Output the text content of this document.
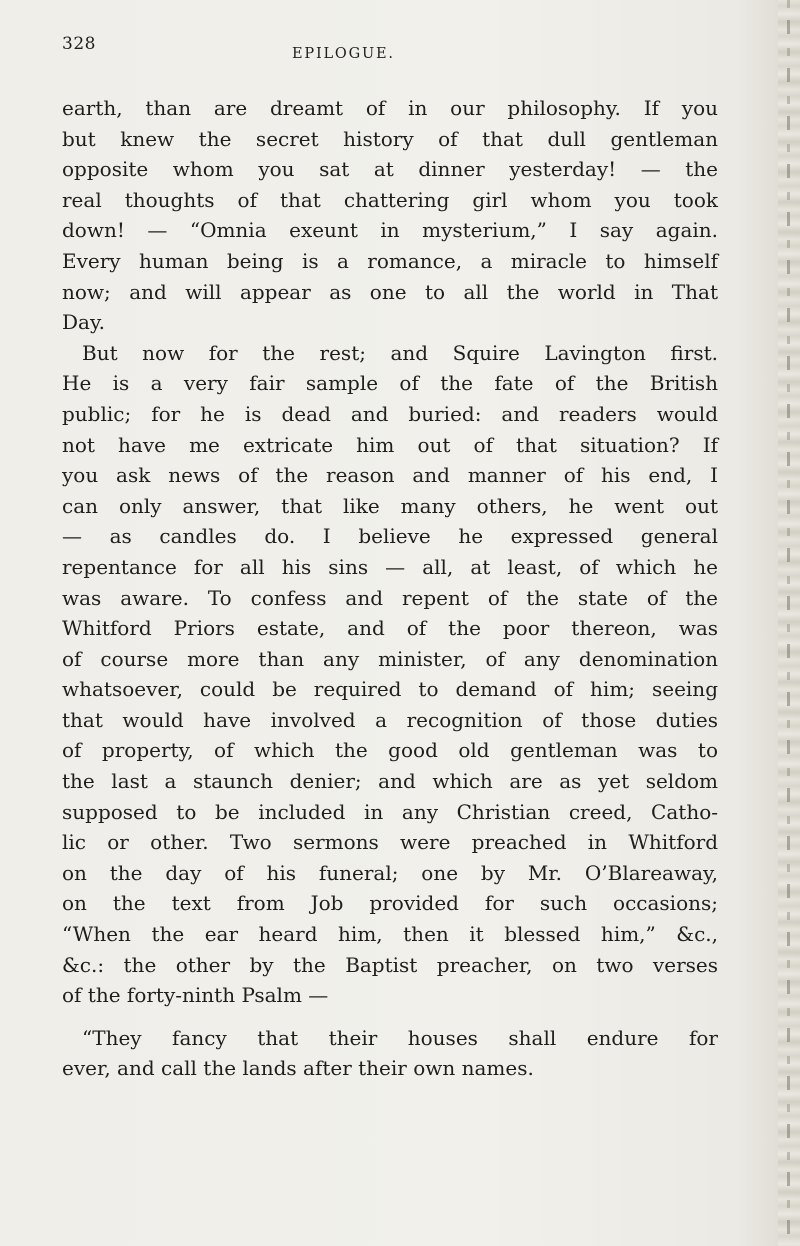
328	EPILOGUE.

earth, than are dreamt of in our philosophy. If you
but knew the secret history of that dull gentleman
opposite whom you sat at dinner yesterday! — the
real thoughts of that chattering girl whom you took
down! — “Omnia exeunt in mysterium,” I say again.
Every human being is a romance, a miracle to himself
now; and will appear as one to all the world in That
Day.

But now for the rest; and Squire Lavington first.
He is a very fair sample of the fate of the British
public; for he is dead and buried: and readers would
not have me extricate him out of that situation? If
you ask news of the reason and manner of his end, I
can only answer, that like many others, he went out
— as candles do. I believe he expressed general
repentance for all his sins — all, at least, of which he
was aware. To confess and repent of the state of the
Whitford Priors estate, and of the poor thereon, was
of course more than any minister, of any denomination
whatsoever, could be required to demand of him; seeing
that would have involved a recognition of those duties
of property, of which the good old gentleman was to
the last a staunch denier; and which are as yet seldom
supposed to be included in any Christian creed, Catho-
lic or other. Two sermons were preached in Whitford
on the day of his funeral; one by Mr. O’Blareaway,
on the text from Job provided for such occasions;
“When the ear heard him, then it blessed him,” &c.,
&c.: the other by the Baptist preacher, on two verses
of the forty-ninth Psalm —

“They fancy that their houses shall endure for
ever, and call the lands after their own names.
